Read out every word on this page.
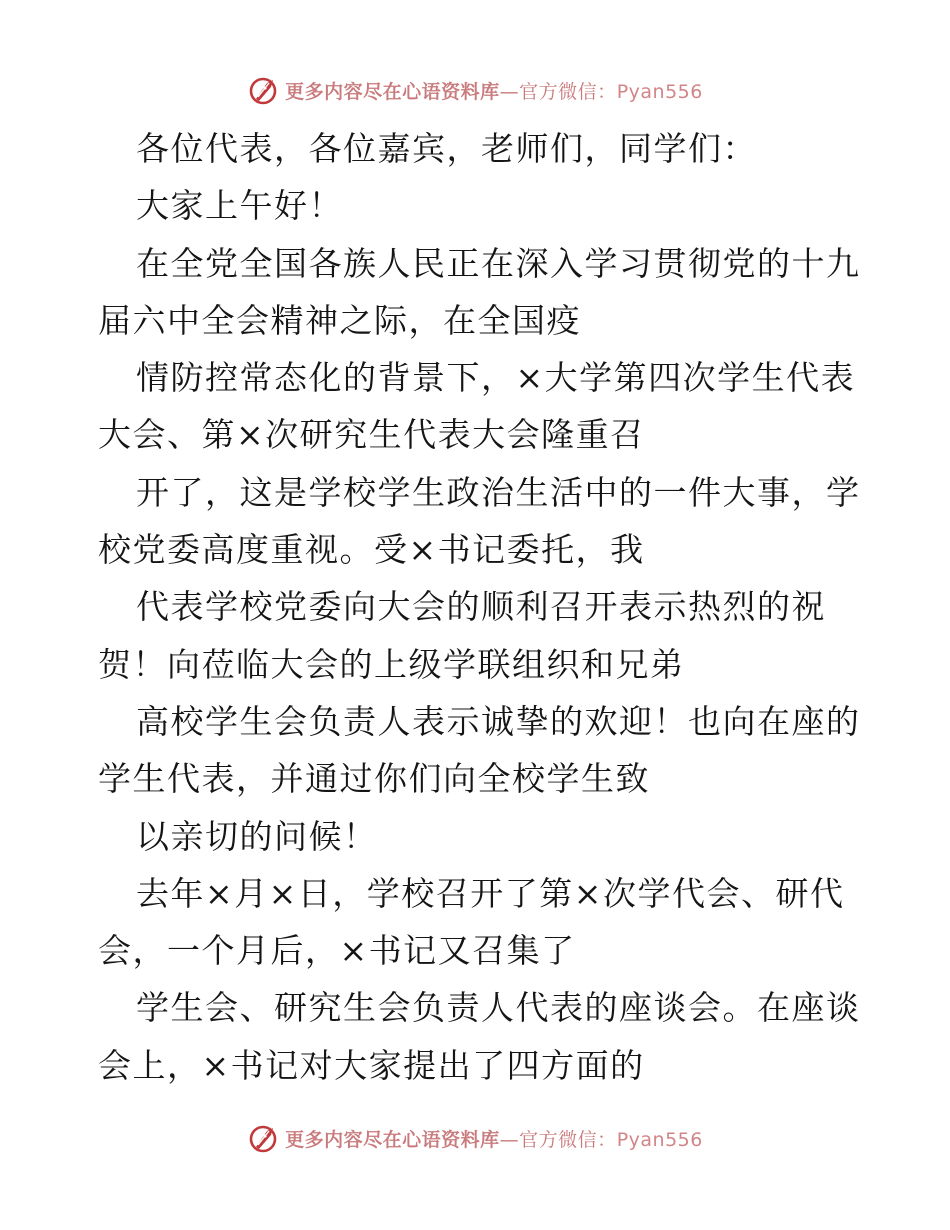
更多内容尽在心语资料库—官方微信：Pyan556
各位代表，各位嘉宾，老师们，同学们：
大家上午好！
在全党全国各族人民正在深入学习贯彻党的十九
届六中全会精神之际，在全国疫
情防控常态化的背景下，×大学第四次学生代表
大会、第×次研究生代表大会隆重召
开了，这是学校学生政治生活中的一件大事，学
校党委高度重视。受×书记委托，我
代表学校党委向大会的顺利召开表示热烈的祝
贺！向莅临大会的上级学联组织和兄弟
高校学生会负责人表示诚挚的欢迎！也向在座的
学生代表，并通过你们向全校学生致
以亲切的问候！
去年×月×日，学校召开了第×次学代会、研代
会，一个月后，×书记又召集了
学生会、研究生会负责人代表的座谈会。在座谈
会上，×书记对大家提出了四方面的
更多内容尽在心语资料库—官方微信：Pyan556
